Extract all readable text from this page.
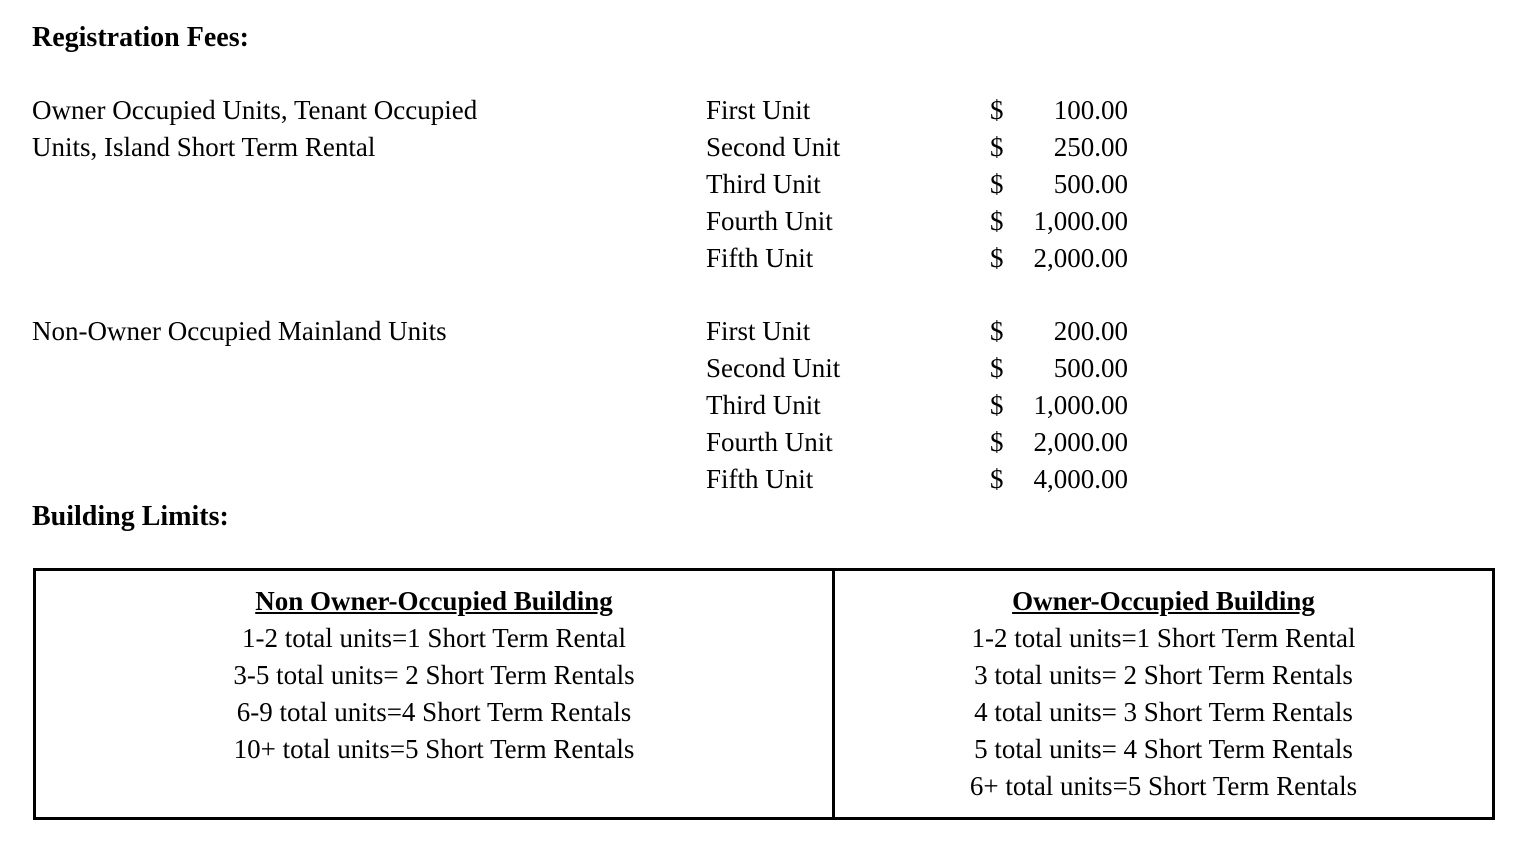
Registration Fees:
Owner Occupied Units, Tenant Occupied
Units, Island Short Term Rental
First Unit	$	100.00
Second Unit	$	250.00
Third Unit	$	500.00
Fourth Unit	$	1,000.00
Fifth Unit	$	2,000.00
Non-Owner Occupied Mainland Units	First Unit	$	200.00
Second Unit	$	500.00
Third Unit	$	1,000.00
Fourth Unit	$	2,000.00
Fifth Unit	$	4,000.00
Building Limits:
Non Owner-Occupied Building
1-2 total units=1 Short Term Rental
3-5 total units= 2 Short Term Rentals
6-9 total units=4 Short Term Rentals
10+ total units=5 Short Term Rentals
Owner-Occupied Building
1-2 total units=1 Short Term Rental
3 total units= 2 Short Term Rentals
4 total units= 3 Short Term Rentals
5 total units= 4 Short Term Rentals
6+ total units=5 Short Term Rentals
